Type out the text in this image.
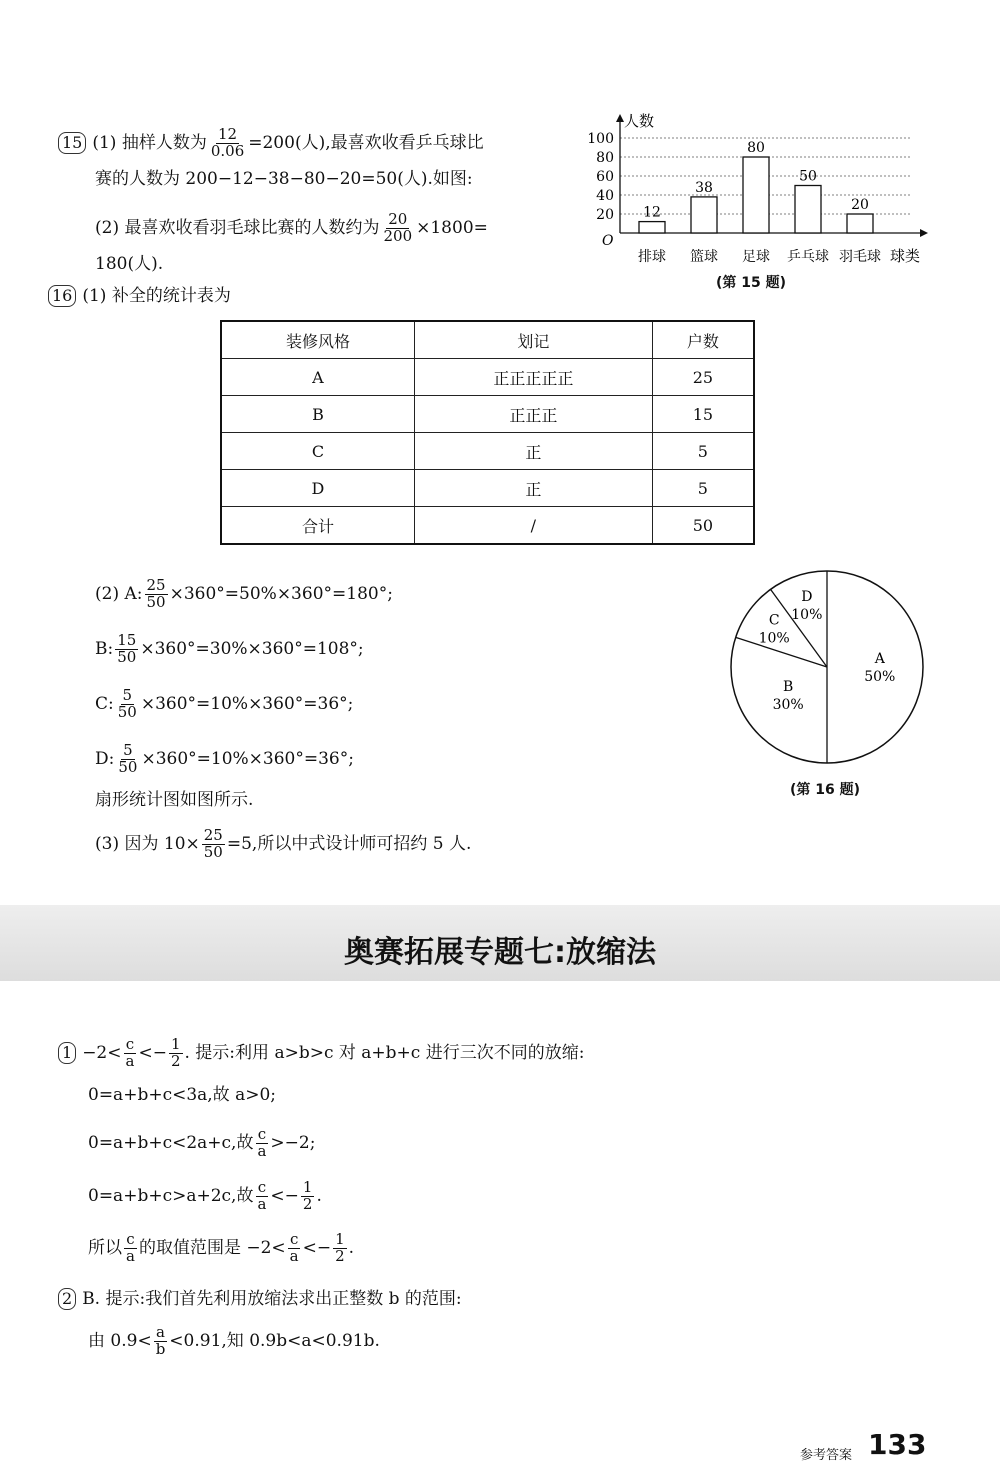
15 (1) 抽样人数为 $\frac{12}{0.06} =200$(人),最喜欢收看乒乓球比
赛的人数为 200−12−38−80−20=50(人).如图:
(2) 最喜欢收看羽毛球比赛的人数约为 $\frac{20}{200} \times 1800=$
180(人).
20
40
60
80
100
人数
球类
O
12
排球
38
篮球
80
足球
50
乒乓球
20
羽毛球
(第 15 题)
16 (1) 补全的统计表为
装修风格	划记	户数
A	正正正正正	25
B	正正正	15
C	正	5
D	正	5
合计	/	50
(2) A: $\frac{25}{50} \times 360^\circ=50\%\times 360^\circ=180^\circ$;
B: $\frac{15}{50} \times 360^\circ=30\%\times 360^\circ=108^\circ$;
C: $\frac{5}{50} \times 360^\circ=10\%\times 360^\circ=36^\circ$;
D: $\frac{5}{50} \times 360^\circ=10\%\times 360^\circ=36^\circ$;
扇形统计图如图所示.
(3) 因为 $10\times \frac{25}{50} =5$,所以中式设计师可招约 5 人.
A
50%
B
30%
C
10%
D
10%
(第 16 题)
奥赛拓展专题七:放缩法
$1 -2< \frac{c}{a} <- \frac{1}{2}$ . 提示:利用 a>b>c 对 a+b+c 进行三次不同的放缩:
0=a+b+c<3a,故 a>0;
0=a+b+c<2a+c,故 $\frac{c}{a} >-2$;
0=a+b+c>a+2c,故 $\frac{c}{a} <- \frac{1}{2}$ .
所以 $\frac{c}{a}$ 的取值范围是 $-2< \frac{c}{a} <- \frac{1}{2}$ .
2 B. 提示:我们首先利用放缩法求出正整数 b 的范围:
由 $0.9< \frac{a}{b} <0.91$,知 0.9b<a<0.91b.
参考答案 133
